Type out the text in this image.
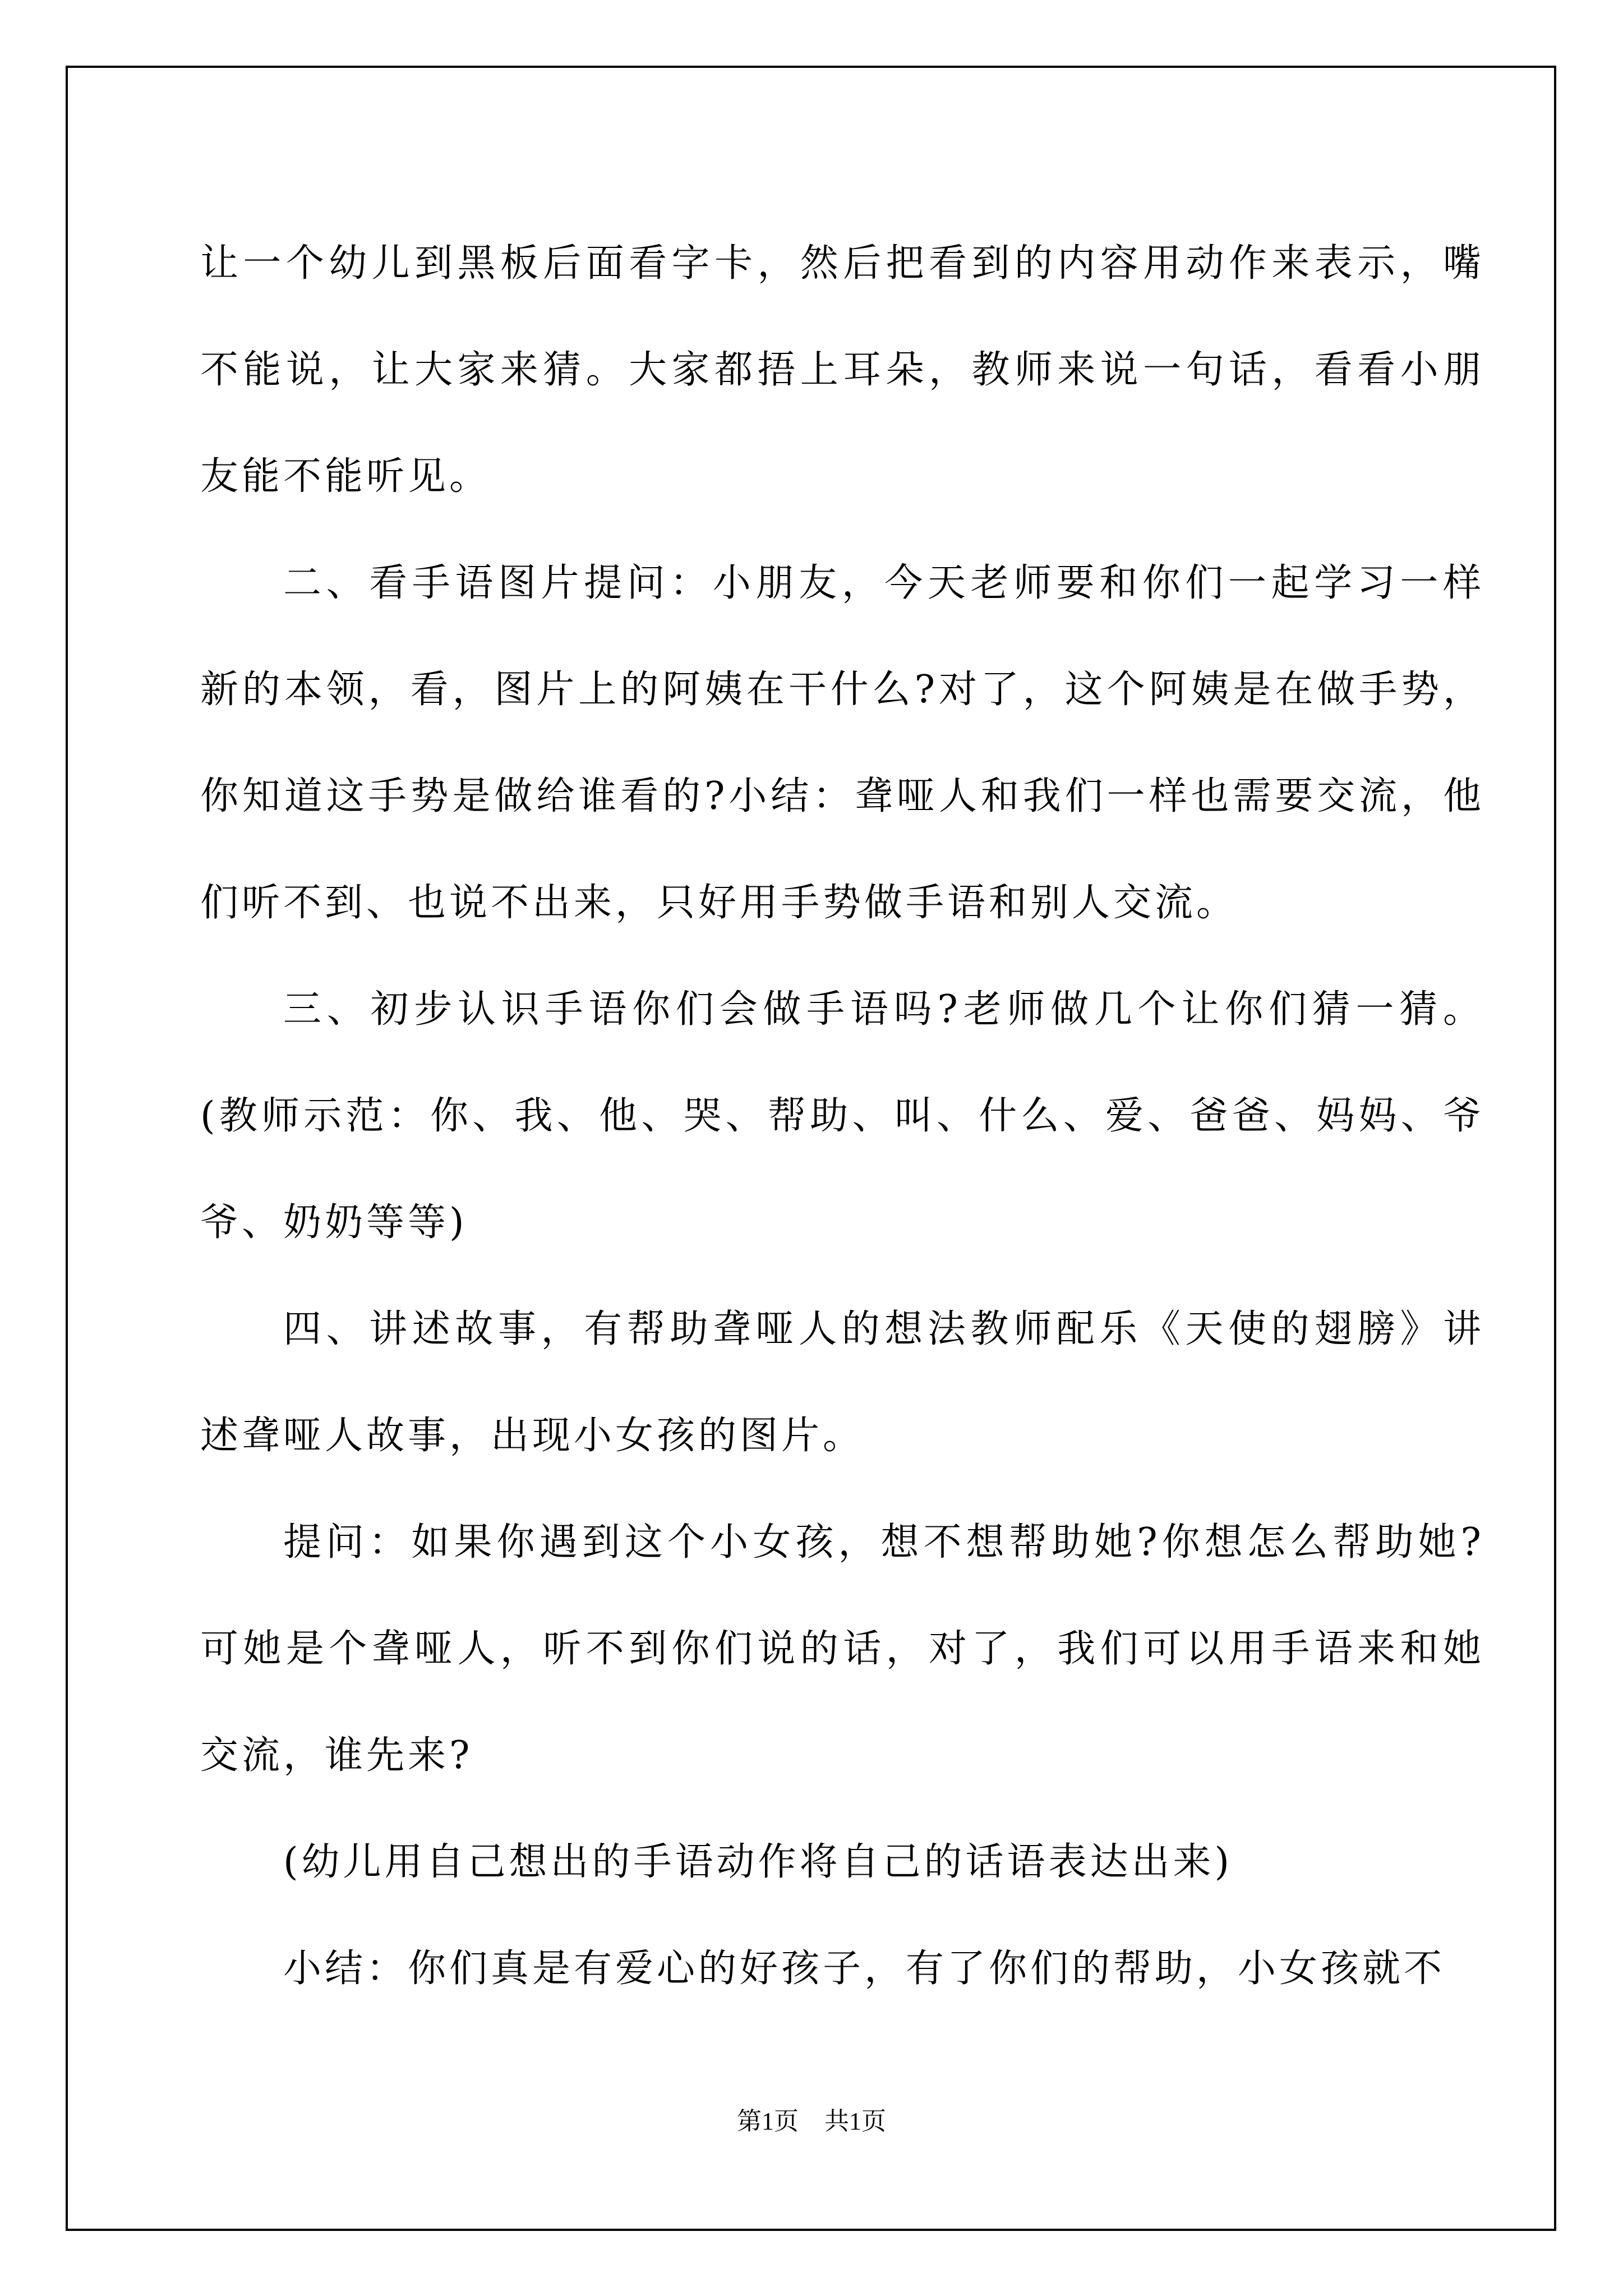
让一个幼儿到黑板后面看字卡，然后把看到的内容用动作来表示，嘴不能说，让大家来猜。大家都捂上耳朵，教师来说一句话，看看小朋友能不能听见。

二、看手语图片提问：小朋友，今天老师要和你们一起学习一样新的本领，看，图片上的阿姨在干什么?对了，这个阿姨是在做手势，你知道这手势是做给谁看的?小结：聋哑人和我们一样也需要交流，他们听不到、也说不出来，只好用手势做手语和别人交流。

三、初步认识手语你们会做手语吗?老师做几个让你们猜一猜。(教师示范：你、我、他、哭、帮助、叫、什么、爱、爸爸、妈妈、爷爷、奶奶等等)

四、讲述故事，有帮助聋哑人的想法教师配乐《天使的翅膀》讲述聋哑人故事，出现小女孩的图片。

提问：如果你遇到这个小女孩，想不想帮助她?你想怎么帮助她?可她是个聋哑人，听不到你们说的话，对了，我们可以用手语来和她交流，谁先来?

(幼儿用自己想出的手语动作将自己的话语表达出来)

小结：你们真是有爱心的好孩子，有了你们的帮助，小女孩就不

第1页 共1页
